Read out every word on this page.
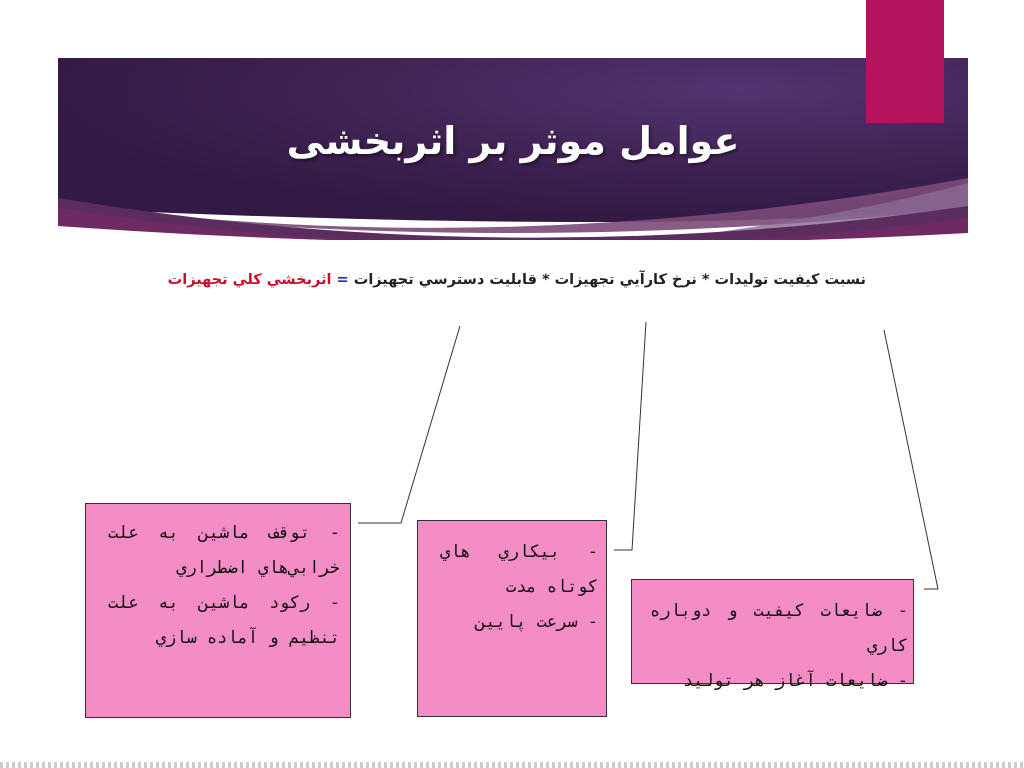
عوامل موثر بر اثربخشی
نسبت كيفيت توليدات * نرخ كارآيي تجهيزات * قابليت دسترسي تجهيزات = اثربخشي كلي تجهيزات

- توقف ماشين به علت خرابي‌هاي اضطراري

- ركود ماشين به علت تنظيم و آماده سازي

- بيكاري هاي كوتاه مدت

- سرعت پايين

- ضايعات كيفيت و دوباره كاري

- ضايعات آغاز هر توليد
